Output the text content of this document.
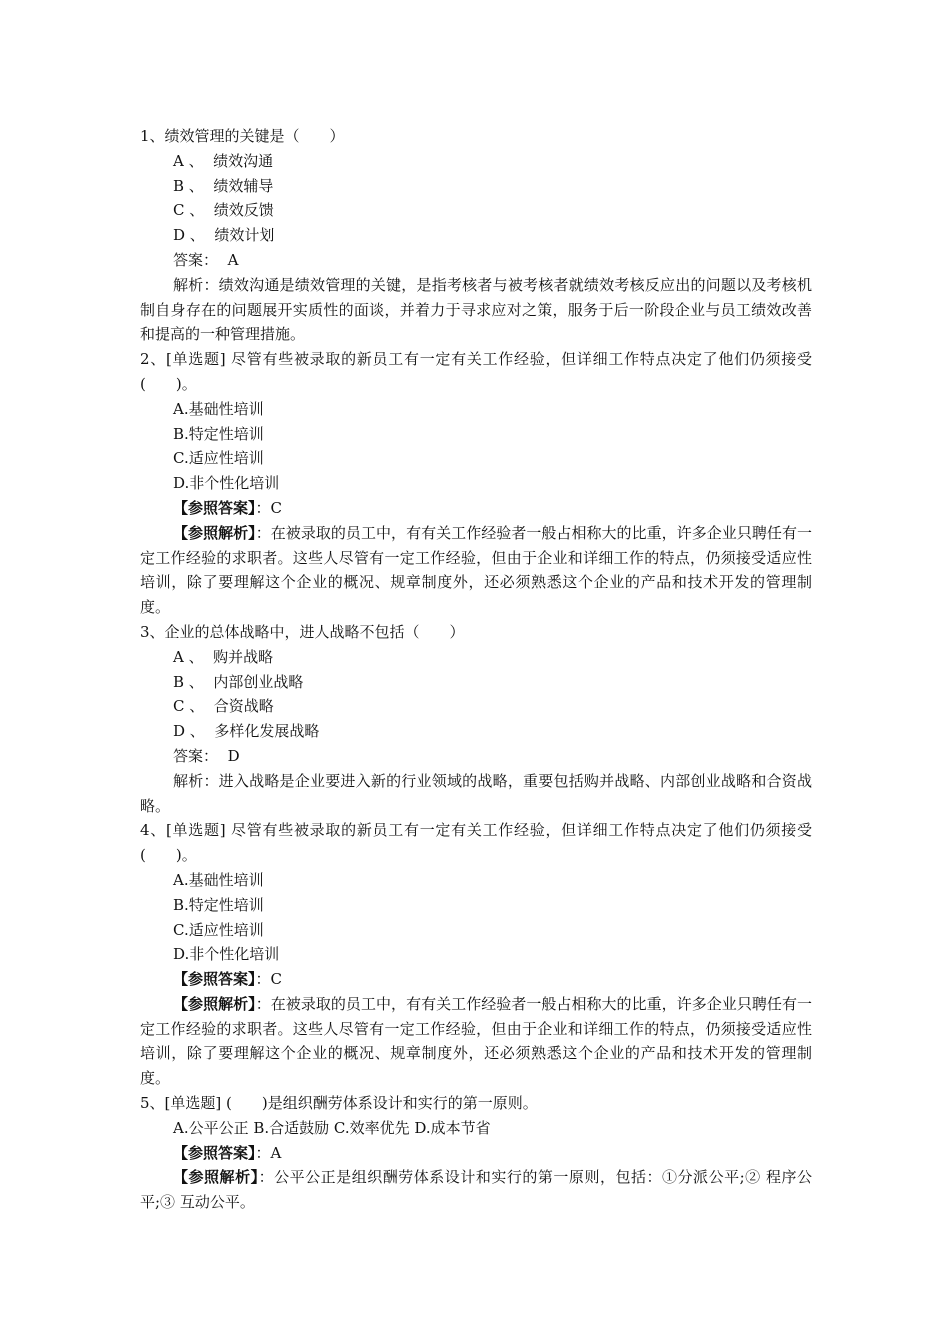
1、绩效管理的关键是（　　）
A 、  绩效沟通
B 、  绩效辅导
C 、  绩效反馈
D 、  绩效计划
答案： A
解析：绩效沟通是绩效管理的关键，是指考核者与被考核者就绩效考核反应出的问题以及考核机制自身存在的问题展开实质性的面谈，并着力于寻求应对之策，服务于后一阶段企业与员工绩效改善和提高的一种管理措施。
2、[单选题] 尽管有些被录取的新员工有一定有关工作经验，但详细工作特点决定了他们仍须接受(　　)。
A.基础性培训
B.特定性培训
C.适应性培训
D.非个性化培训
【参照答案】：C
【参照解析】：在被录取的员工中，有有关工作经验者一般占相称大的比重，许多企业只聘任有一定工作经验的求职者。这些人尽管有一定工作经验，但由于企业和详细工作的特点，仍须接受适应性培训，除了要理解这个企业的概况、规章制度外，还必须熟悉这个企业的产品和技术开发的管理制度。
3、企业的总体战略中，进人战略不包括（　　）
A 、  购并战略
B 、  内部创业战略
C 、  合资战略
D 、  多样化发展战略
答案： D
解析：进入战略是企业要进入新的行业领域的战略，重要包括购并战略、内部创业战略和合资战略。
4、[单选题] 尽管有些被录取的新员工有一定有关工作经验，但详细工作特点决定了他们仍须接受(　　)。
A.基础性培训
B.特定性培训
C.适应性培训
D.非个性化培训
【参照答案】：C
【参照解析】：在被录取的员工中，有有关工作经验者一般占相称大的比重，许多企业只聘任有一定工作经验的求职者。这些人尽管有一定工作经验，但由于企业和详细工作的特点，仍须接受适应性培训，除了要理解这个企业的概况、规章制度外，还必须熟悉这个企业的产品和技术开发的管理制度。
5、[单选题] (　　)是组织酬劳体系设计和实行的第一原则。
A.公平公正 B.合适鼓励 C.效率优先 D.成本节省
【参照答案】：A
【参照解析】：公平公正是组织酬劳体系设计和实行的第一原则，包括：①分派公平;② 程序公平;③ 互动公平。
